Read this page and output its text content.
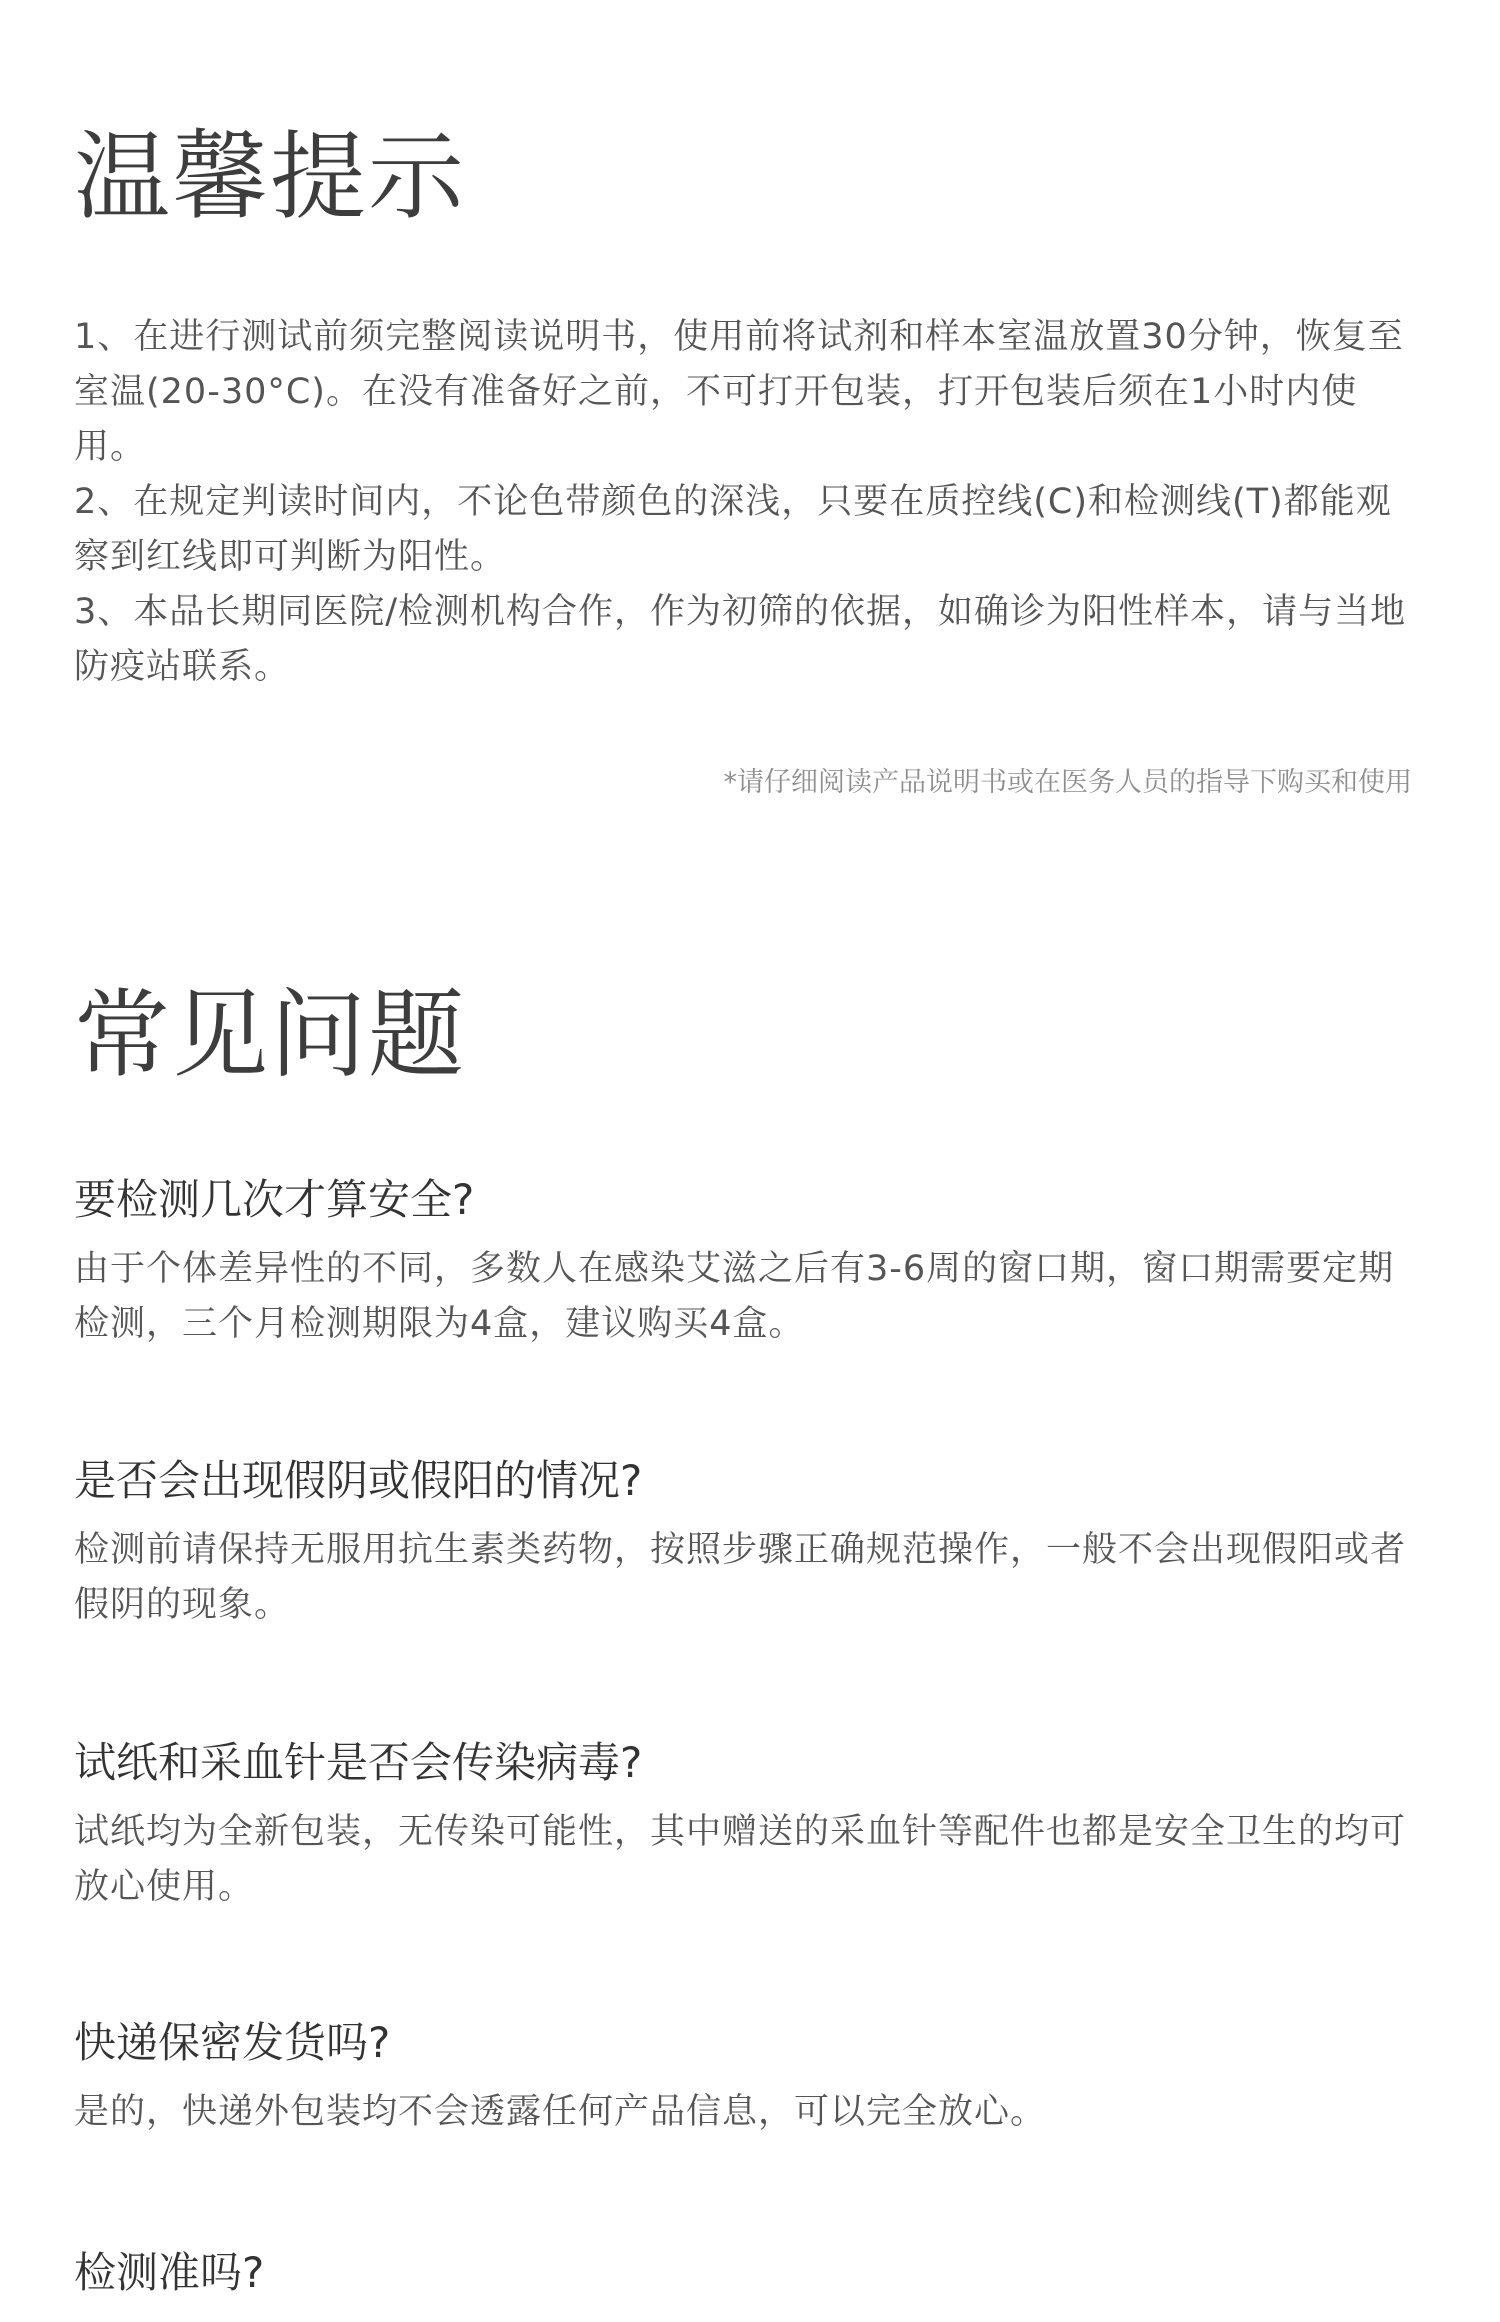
温馨提示
1、在进行测试前须完整阅读说明书，使用前将试剂和样本室温放置30分钟，恢复至室温(20-30°C)。在没有准备好之前，不可打开包装，打开包装后须在1小时内使用。
2、在规定判读时间内，不论色带颜色的深浅，只要在质控线(C)和检测线(T)都能观察到红线即可判断为阳性。
3、本品长期同医院/检测机构合作，作为初筛的依据，如确诊为阳性样本，请与当地防疫站联系。
*请仔细阅读产品说明书或在医务人员的指导下购买和使用
常见问题
要检测几次才算安全?

由于个体差异性的不同，多数人在感染艾滋之后有3-6周的窗口期，窗口期需要定期检测，三个月检测期限为4盒，建议购买4盒。

是否会出现假阴或假阳的情况?

检测前请保持无服用抗生素类药物，按照步骤正确规范操作，一般不会出现假阳或者假阴的现象。

试纸和采血针是否会传染病毒?

试纸均为全新包装，无传染可能性，其中赠送的采血针等配件也都是安全卫生的均可放心使用。

快递保密发货吗?

是的，快递外包装均不会透露任何产品信息，可以完全放心。

检测准吗?
